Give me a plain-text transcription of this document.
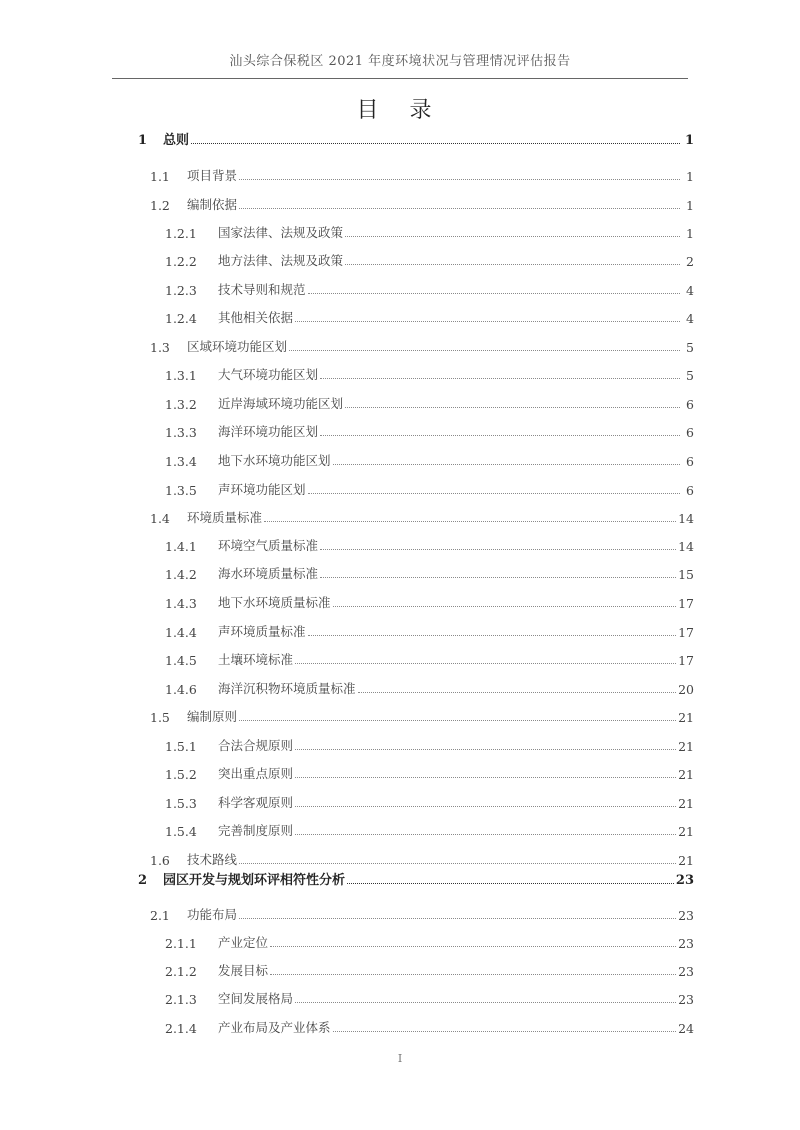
汕头综合保税区 2021 年度环境状况与管理情况评估报告
目 录
1	总则	1
1.1	项目背景	1
1.2	编制依据	1
1.2.1	国家法律、法规及政策	1
1.2.2	地方法律、法规及政策	2
1.2.3	技术导则和规范	4
1.2.4	其他相关依据	4
1.3	区域环境功能区划	5
1.3.1	大气环境功能区划	5
1.3.2	近岸海域环境功能区划	6
1.3.3	海洋环境功能区划	6
1.3.4	地下水环境功能区划	6
1.3.5	声环境功能区划	6
1.4	环境质量标准	14
1.4.1	环境空气质量标准	14
1.4.2	海水环境质量标准	15
1.4.3	地下水环境质量标准	17
1.4.4	声环境质量标准	17
1.4.5	土壤环境标准	17
1.4.6	海洋沉积物环境质量标准	20
1.5	编制原则	21
1.5.1	合法合规原则	21
1.5.2	突出重点原则	21
1.5.3	科学客观原则	21
1.5.4	完善制度原则	21
1.6	技术路线	21
2	园区开发与规划环评相符性分析	23
2.1	功能布局	23
2.1.1	产业定位	23
2.1.2	发展目标	23
2.1.3	空间发展格局	23
2.1.4	产业布局及产业体系	24
I
